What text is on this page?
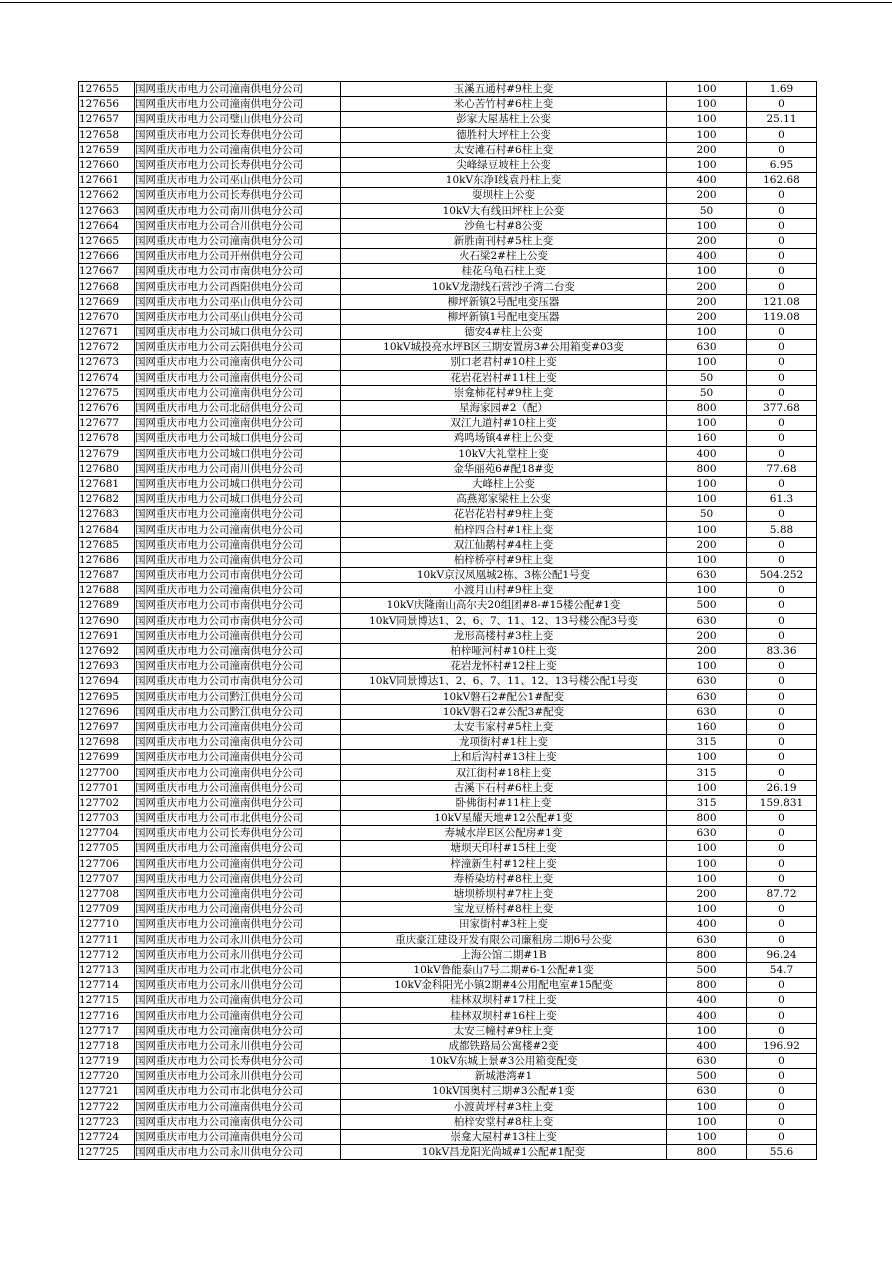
127655	国网重庆市电力公司潼南供电分公司	玉溪五通村#9柱上变	100	1.69
127656	国网重庆市电力公司潼南供电分公司	米心苦竹村#6柱上变	100	0
127657	国网重庆市电力公司璧山供电分公司	彭家大屋基柱上公变	100	25.11
127658	国网重庆市电力公司长寿供电分公司	德胜村大坪柱上公变	100	0
127659	国网重庆市电力公司潼南供电分公司	太安滩石村#6柱上变	200	0
127660	国网重庆市电力公司长寿供电分公司	尖峰绿豆坡柱上公变	100	6.95
127661	国网重庆市电力公司巫山供电分公司	10kV东净I线袁丹柱上变	400	162.68
127662	国网重庆市电力公司长寿供电分公司	耍坝柱上公变	200	0
127663	国网重庆市电力公司南川供电分公司	10kV大有线田坪柱上公变	50	0
127664	国网重庆市电力公司合川供电分公司	沙鱼七村#8公变	100	0
127665	国网重庆市电力公司潼南供电分公司	新胜南刊村#5柱上变	200	0
127666	国网重庆市电力公司开州供电分公司	火石梁2#柱上公变	400	0
127667	国网重庆市电力公司市南供电分公司	桂花乌龟石柱上变	100	0
127668	国网重庆市电力公司酉阳供电分公司	10kV龙渤线石营沙子湾二台变	200	0
127669	国网重庆市电力公司巫山供电分公司	柳坪新镇2号配电变压器	200	121.08
127670	国网重庆市电力公司巫山供电分公司	柳坪新镇1号配电变压器	200	119.08
127671	国网重庆市电力公司城口供电分公司	德安4#柱上公变	100	0
127672	国网重庆市电力公司云阳供电分公司	10kV城投亮水坪B区三期安置房3#公用箱变#03变	630	0
127673	国网重庆市电力公司潼南供电分公司	别口老君村#10柱上变	100	0
127674	国网重庆市电力公司潼南供电分公司	花岩花岩村#11柱上变	50	0
127675	国网重庆市电力公司潼南供电分公司	崇龛柿花村#9柱上变	50	0
127676	国网重庆市电力公司北碚供电分公司	星海家园#2（配）	800	377.68
127677	国网重庆市电力公司潼南供电分公司	双江九道村#10柱上变	100	0
127678	国网重庆市电力公司城口供电分公司	鸡鸣场镇4#柱上公变	160	0
127679	国网重庆市电力公司城口供电分公司	10kV大礼堂柱上变	400	0
127680	国网重庆市电力公司南川供电分公司	金华丽苑6#配18#变	800	77.68
127681	国网重庆市电力公司城口供电分公司	大峰柱上公变	100	0
127682	国网重庆市电力公司城口供电分公司	高燕郑家梁柱上公变	100	61.3
127683	国网重庆市电力公司潼南供电分公司	花岩花岩村#9柱上变	50	0
127684	国网重庆市电力公司潼南供电分公司	柏梓四合村#1柱上变	100	5.88
127685	国网重庆市电力公司潼南供电分公司	双江仙鹅村#4柱上变	200	0
127686	国网重庆市电力公司潼南供电分公司	柏梓桥亭村#9柱上变	100	0
127687	国网重庆市电力公司市南供电分公司	10kV京汉凤凰城2栋、3栋公配1号变	630	504.252
127688	国网重庆市电力公司潼南供电分公司	小渡月山村#9柱上变	100	0
127689	国网重庆市电力公司市南供电分公司	10kV庆隆南山高尔夫20组团#8-#15楼公配#1变	500	0
127690	国网重庆市电力公司市南供电分公司	10kV同景博达1、2、6、7、11、12、13号楼公配3号变	630	0
127691	国网重庆市电力公司潼南供电分公司	龙形高楼村#3柱上变	200	0
127692	国网重庆市电力公司潼南供电分公司	柏梓哑河村#10柱上变	200	83.36
127693	国网重庆市电力公司潼南供电分公司	花岩龙怀村#12柱上变	100	0
127694	国网重庆市电力公司市南供电分公司	10kV同景博达1、2、6、7、11、12、13号楼公配1号变	630	0
127695	国网重庆市电力公司黔江供电分公司	10kV磐石2#配公1#配变	630	0
127696	国网重庆市电力公司黔江供电分公司	10kV磐石2#公配3#配变	630	0
127697	国网重庆市电力公司潼南供电分公司	太安韦家村#5柱上变	160	0
127698	国网重庆市电力公司潼南供电分公司	龙项街村#1柱上变	315	0
127699	国网重庆市电力公司潼南供电分公司	上和后沟村#13柱上变	100	0
127700	国网重庆市电力公司潼南供电分公司	双江街村#18柱上变	315	0
127701	国网重庆市电力公司潼南供电分公司	古溪下石村#6柱上变	100	26.19
127702	国网重庆市电力公司潼南供电分公司	卧佛街村#11柱上变	315	159.831
127703	国网重庆市电力公司市北供电分公司	10kV星耀天地#12公配#1变	800	0
127704	国网重庆市电力公司长寿供电分公司	寿城水岸E区公配房#1变	630	0
127705	国网重庆市电力公司潼南供电分公司	塘坝天印村#15柱上变	100	0
127706	国网重庆市电力公司潼南供电分公司	梓潼新生村#12柱上变	100	0
127707	国网重庆市电力公司潼南供电分公司	寿桥染坊村#8柱上变	100	0
127708	国网重庆市电力公司潼南供电分公司	塘坝桥坝村#7柱上变	200	87.72
127709	国网重庆市电力公司潼南供电分公司	宝龙豆桥村#8柱上变	100	0
127710	国网重庆市电力公司潼南供电分公司	田家街村#3柱上变	400	0
127711	国网重庆市电力公司永川供电分公司	重庆豪江建设开发有限公司廉租房二期6号公变	630	0
127712	国网重庆市电力公司永川供电分公司	上海公馆二期#1B	800	96.24
127713	国网重庆市电力公司市北供电分公司	10kV鲁能泰山7号二期#6-1公配#1变	500	54.7
127714	国网重庆市电力公司永川供电分公司	10kV金科阳光小镇2期#4公用配电室#15配变	800	0
127715	国网重庆市电力公司潼南供电分公司	桂林双坝村#17柱上变	400	0
127716	国网重庆市电力公司潼南供电分公司	桂林双坝村#16柱上变	400	0
127717	国网重庆市电力公司潼南供电分公司	太安三幢村#9柱上变	100	0
127718	国网重庆市电力公司永川供电分公司	成都铁路局公寓楼#2变	400	196.92
127719	国网重庆市电力公司长寿供电分公司	10kV东城上景#3公用箱变配变	630	0
127720	国网重庆市电力公司永川供电分公司	新城港湾#1	500	0
127721	国网重庆市电力公司市北供电分公司	10kV国奥村三期#3公配#1变	630	0
127722	国网重庆市电力公司潼南供电分公司	小渡黄坪村#3柱上变	100	0
127723	国网重庆市电力公司潼南供电分公司	柏梓安堂村#8柱上变	100	0
127724	国网重庆市电力公司潼南供电分公司	崇龛大屋村#13柱上变	100	0
127725	国网重庆市电力公司永川供电分公司	10kV昌龙阳光尚城#1公配#1配变	800	55.6
